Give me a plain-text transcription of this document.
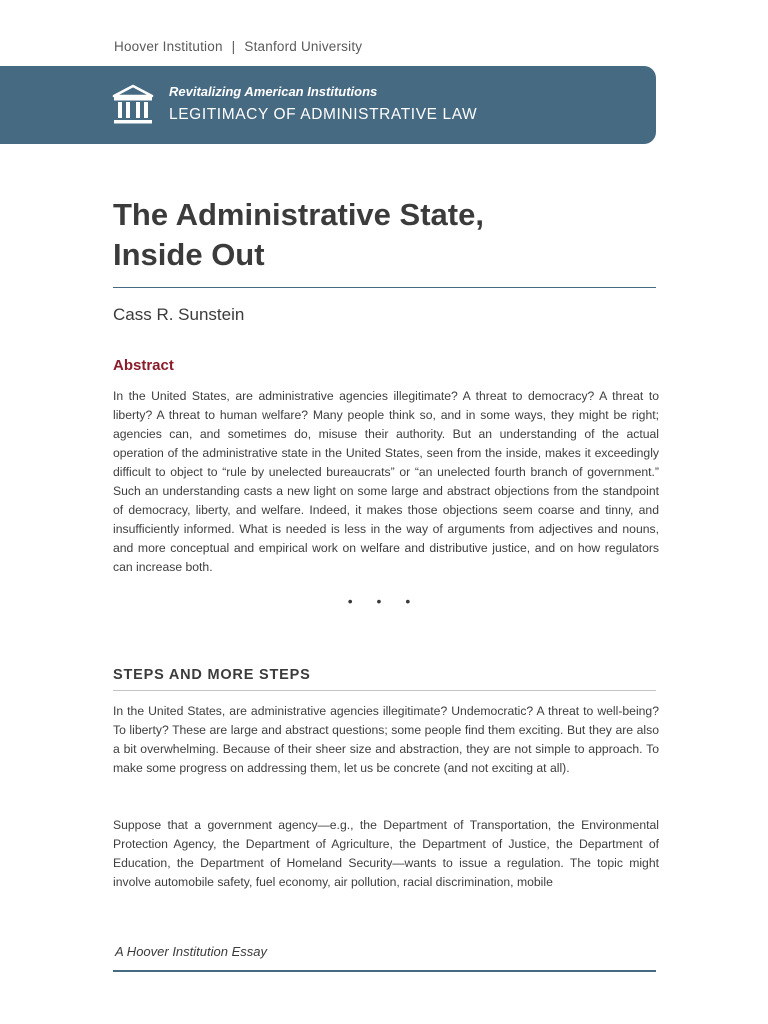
Hoover Institution | Stanford University
Revitalizing American Institutions
LEGITIMACY OF ADMINISTRATIVE LAW
The Administrative State,
Inside Out
Cass R. Sunstein
Abstract

In the United States, are administrative agencies illegitimate? A threat to democracy? A threat to liberty? A threat to human welfare? Many people think so, and in some ways, they might be right; agencies can, and sometimes do, misuse their authority. But an understanding of the actual operation of the administrative state in the United States, seen from the inside, makes it exceedingly difficult to object to “rule by unelected bureaucrats” or “an unelected fourth branch of government.” Such an understanding casts a new light on some large and abstract objections from the standpoint of democracy, liberty, and welfare. Indeed, it makes those objections seem coarse and tinny, and insufficiently informed. What is needed is less in the way of arguments from adjectives and nouns, and more conceptual and empirical work on welfare and distributive justice, and on how regulators can increase both.

• • •
STEPS AND MORE STEPS

In the United States, are administrative agencies illegitimate? Undemocratic? A threat to well-being? To liberty? These are large and abstract questions; some people find them exciting. But they are also a bit overwhelming. Because of their sheer size and abstraction, they are not simple to approach. To make some progress on addressing them, let us be concrete (and not exciting at all).

Suppose that a government agency—e.g., the Department of Transportation, the Environmental Protection Agency, the Department of Agriculture, the Department of Justice, the Department of Education, the Department of Homeland Security—wants to issue a regulation. The topic might involve automobile safety, fuel economy, air pollution, racial discrimination, mobile

A Hoover Institution Essay
